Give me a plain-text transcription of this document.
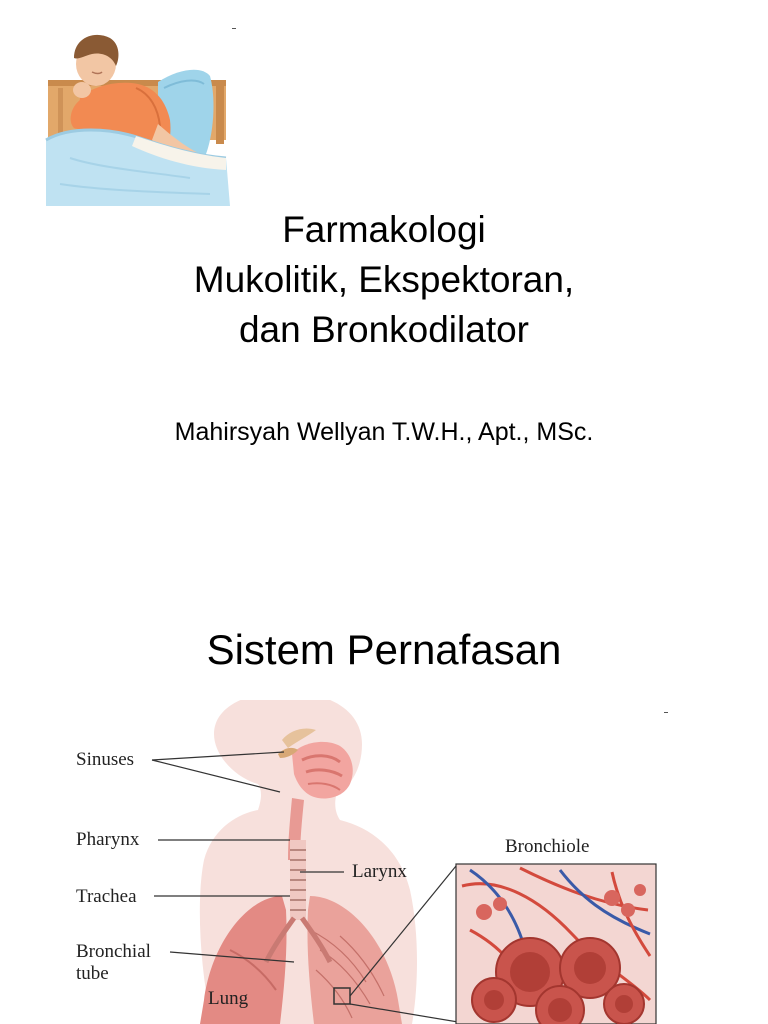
Farmakologi
Mukolitik, Ekspektoran,
dan Bronkodilator
Mahirsyah Wellyan T.W.H., Apt., MSc.
Sistem Pernafasan
Sinuses
Pharynx
Larynx
Trachea
Bronchial
tube
Lung
Bronchiole
